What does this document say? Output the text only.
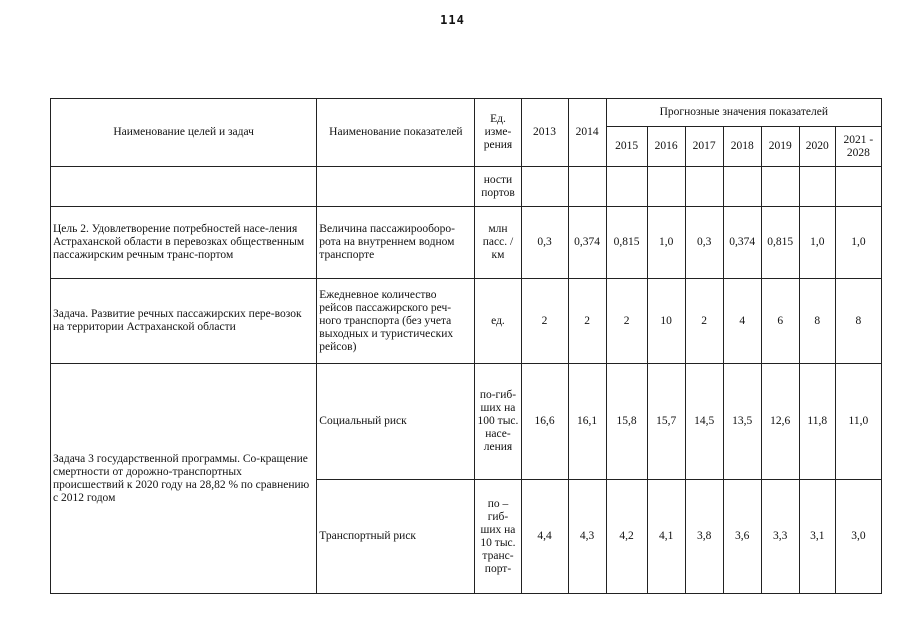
114
Наименование целей и задач	Наименование показателей	Ед. изме-рения	2013	2014	Прогнозные значения показателей						
					2015	2016	2017	2018	2019	2020	2021 - 2028
		ности портов									
Цель 2. Удовлетворение потребностей насе-ления Астраханской области в перевозках общественным пассажирским речным транс-портом	Величина пассажирооборо-рота на внутреннем водном транспорте	млн пасс. / км	0,3	0,374	0,815	1,0	0,3	0,374	0,815	1,0	1,0
Задача. Развитие речных пассажирских пере-возок на территории Астраханской области	Ежедневное количество рейсов пассажирского реч-ного транспорта (без учета выходных и туристических рейсов)	ед.	2	2	2	10	2	4	6	8	8
Задача 3 государственной программы. Со-кращение смертности от дорожно-транспортных происшествий к 2020 году на 28,82 % по сравнению с 2012 годом	Социальный риск	по-гиб-ших на 100 тыс. насе-ления	16,6	16,1	15,8	15,7	14,5	13,5	12,6	11,8	11,0
	Транспортный риск	по – гиб-ших на 10 тыс. транс-порт-	4,4	4,3	4,2	4,1	3,8	3,6	3,3	3,1	3,0
